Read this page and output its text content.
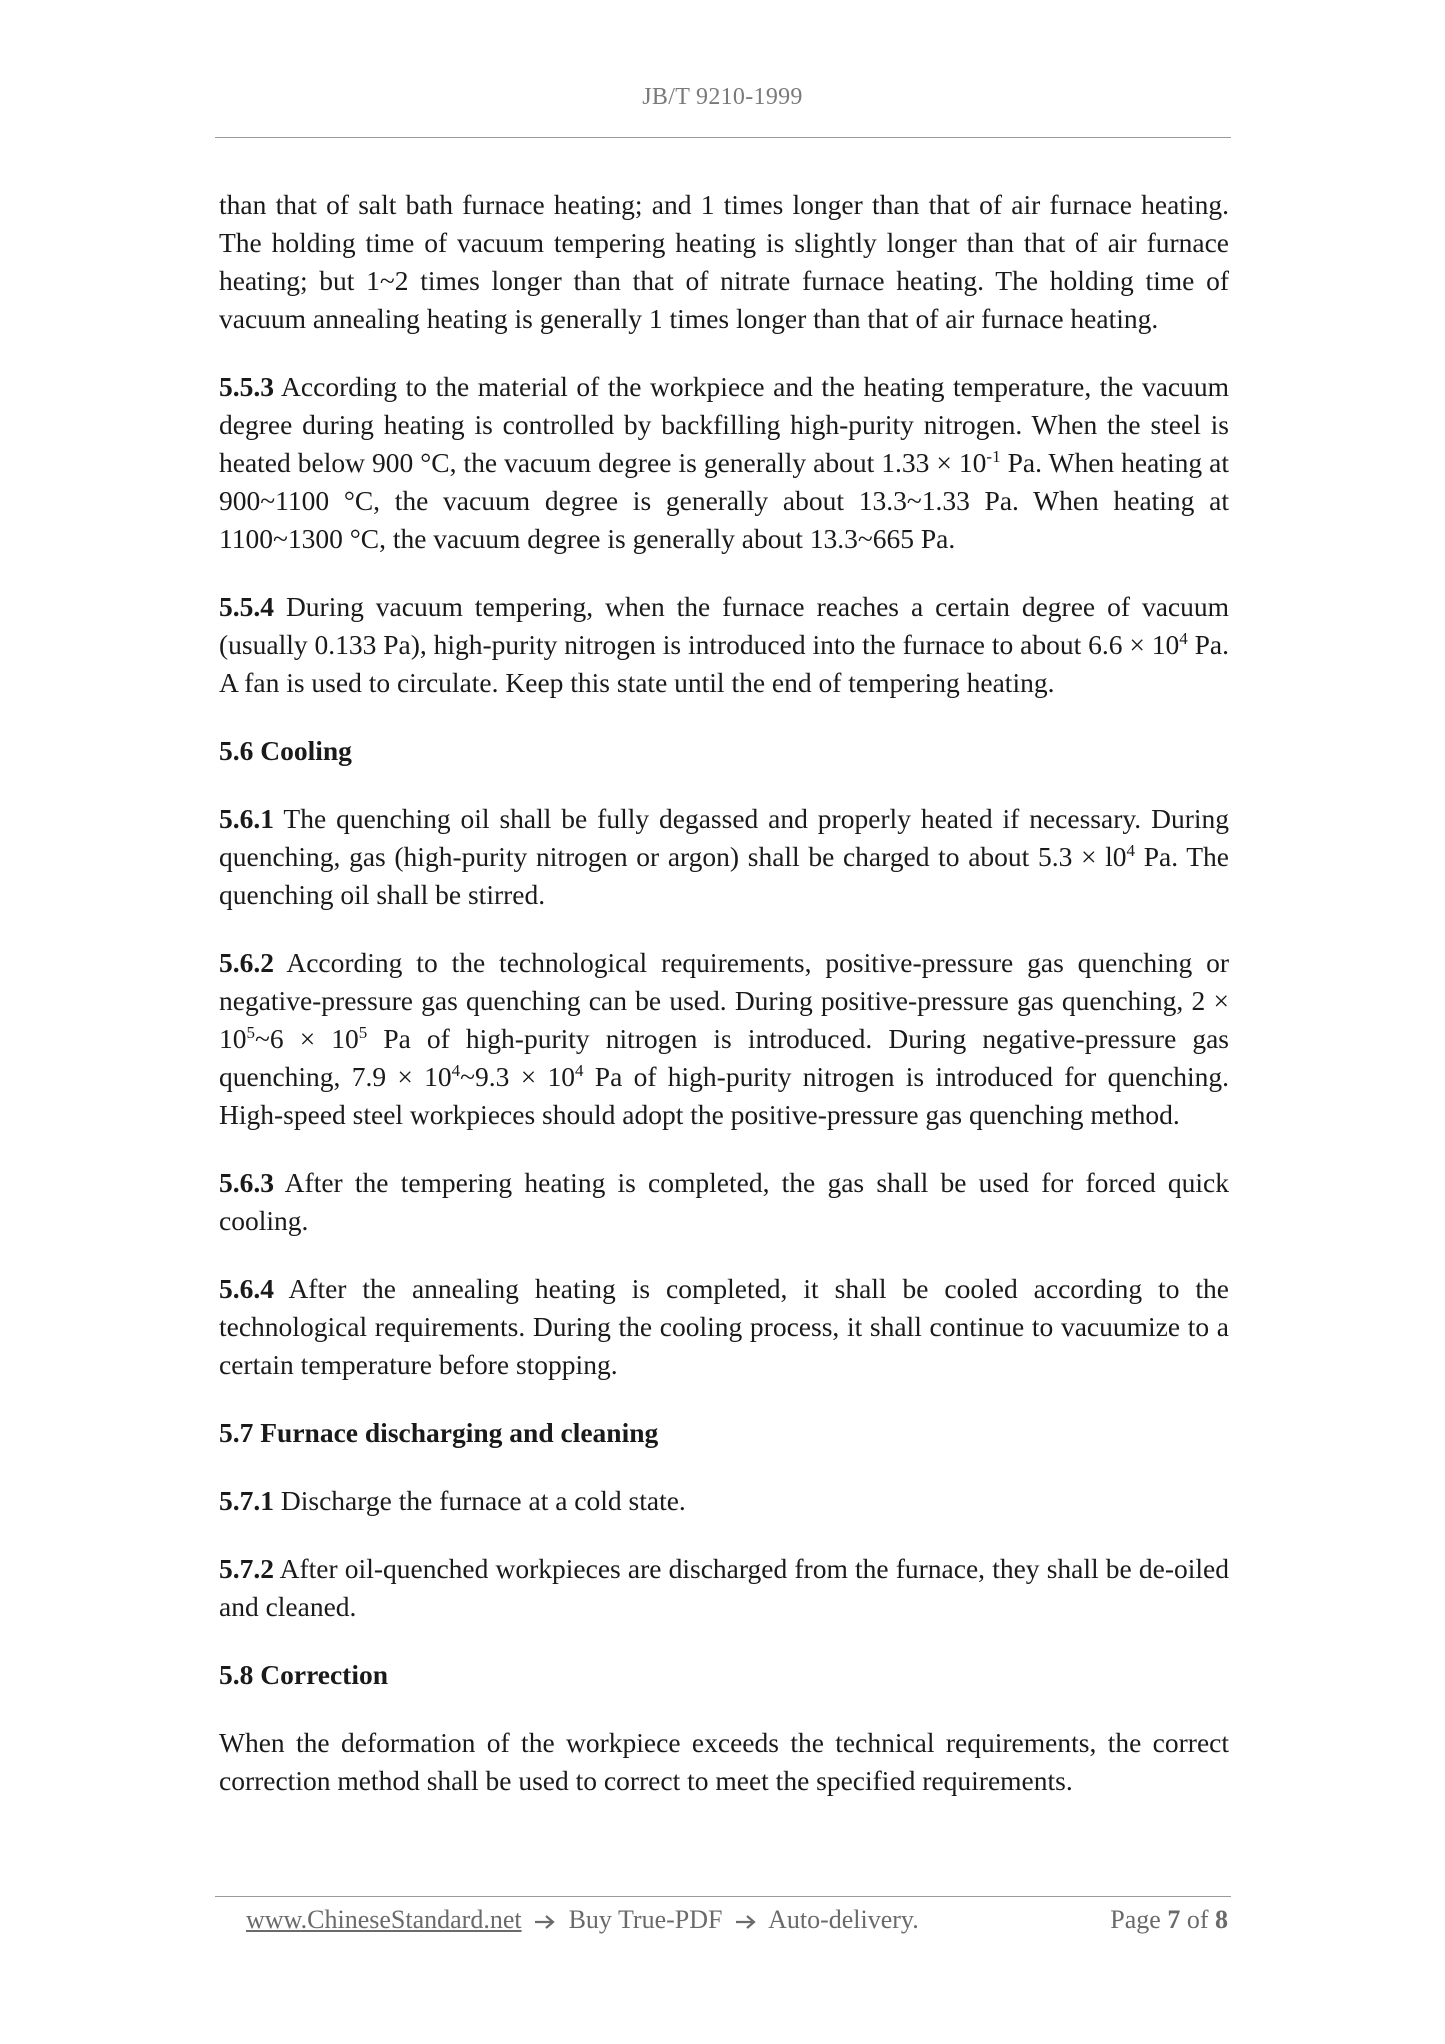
JB/T 9210-1999

than that of salt bath furnace heating; and 1 times longer than that of air furnace heating. The holding time of vacuum tempering heating is slightly longer than that of air furnace heating; but 1~2 times longer than that of nitrate furnace heating. The holding time of vacuum annealing heating is generally 1 times longer than that of air furnace heating.

5.5.3 According to the material of the workpiece and the heating temperature, the vacuum degree during heating is controlled by backfilling high-purity nitrogen. When the steel is heated below 900 °C, the vacuum degree is generally about $1.33 \times 10^{-1}$ Pa. When heating at 900~1100 °C, the vacuum degree is generally about 13.3~1.33 Pa. When heating at 1100~1300 °C, the vacuum degree is generally about 13.3~665 Pa.

5.5.4 During vacuum tempering, when the furnace reaches a certain degree of vacuum (usually 0.133 Pa), high-purity nitrogen is introduced into the furnace to about $6.6 \times 10^4$ Pa. A fan is used to circulate. Keep this state until the end of tempering heating.

5.6 Cooling

5.6.1 The quenching oil shall be fully degassed and properly heated if necessary. During quenching, gas (high-purity nitrogen or argon) shall be charged to about $5.3 \times l0^4$ Pa. The quenching oil shall be stirred.

5.6.2 According to the technological requirements, positive-pressure gas quenching or negative-pressure gas quenching can be used. During positive-pressure gas quenching, $2 \times 10^5\sim 6 \times 10^5$ Pa of high-purity nitrogen is introduced. During negative-pressure gas quenching, $7.9 \times 10^4\sim 9.3 \times 10^4$ Pa of high-purity nitrogen is introduced for quenching. High-speed steel workpieces should adopt the positive-pressure gas quenching method.

5.6.3 After the tempering heating is completed, the gas shall be used for forced quick cooling.

5.6.4 After the annealing heating is completed, it shall be cooled according to the technological requirements. During the cooling process, it shall continue to vacuumize to a certain temperature before stopping.

5.7 Furnace discharging and cleaning

5.7.1 Discharge the furnace at a cold state.

5.7.2 After oil-quenched workpieces are discharged from the furnace, they shall be de-oiled and cleaned.

5.8 Correction

When the deformation of the workpiece exceeds the technical requirements, the correct correction method shall be used to correct to meet the specified requirements.

www.ChineseStandard.net Buy True-PDF Auto-delivery.	Page 7 of 8
